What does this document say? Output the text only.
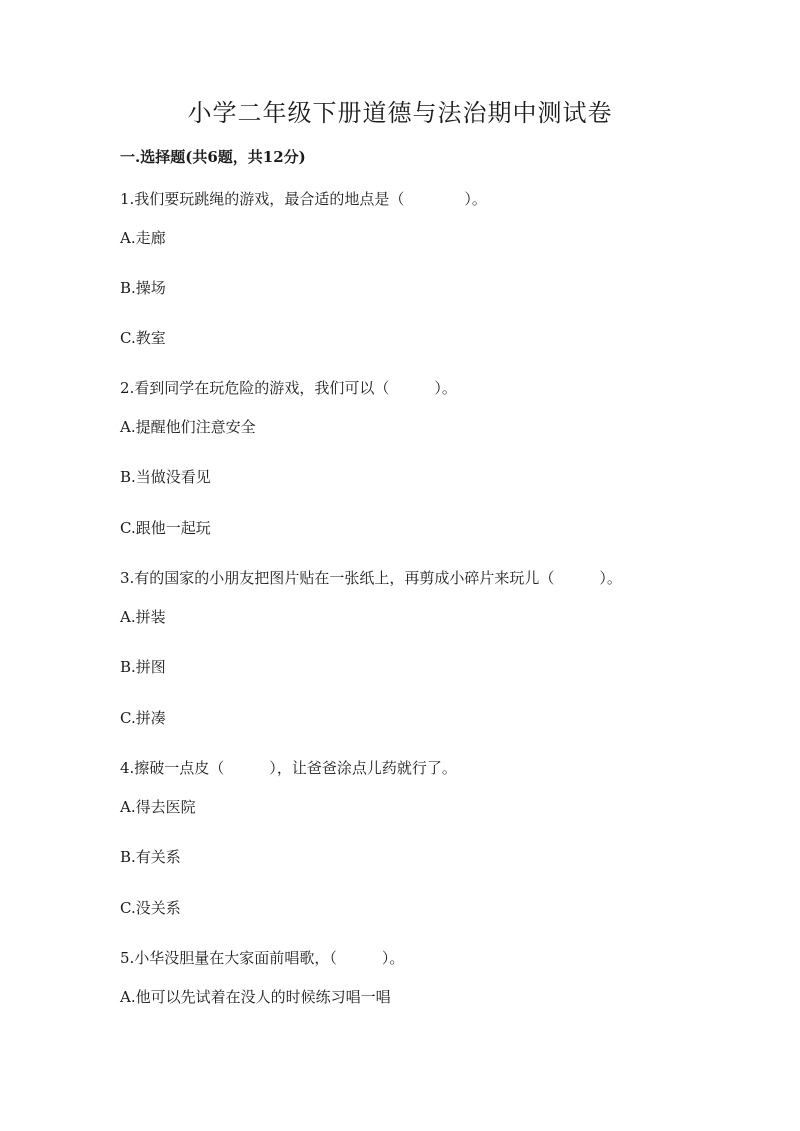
小学二年级下册道德与法治期中测试卷
一.选择题(共6题，共12分)
1.我们要玩跳绳的游戏，最合适的地点是（　　　　）。
A.走廊
B.操场
C.教室
2.看到同学在玩危险的游戏，我们可以（　　　）。
A.提醒他们注意安全
B.当做没看见
C.跟他一起玩
3.有的国家的小朋友把图片贴在一张纸上，再剪成小碎片来玩儿（　　　）。
A.拼装
B.拼图
C.拼凑
4.擦破一点皮（　　　），让爸爸涂点儿药就行了。
A.得去医院
B.有关系
C.没关系
5.小华没胆量在大家面前唱歌，（　　　）。
A.他可以先试着在没人的时候练习唱一唱
